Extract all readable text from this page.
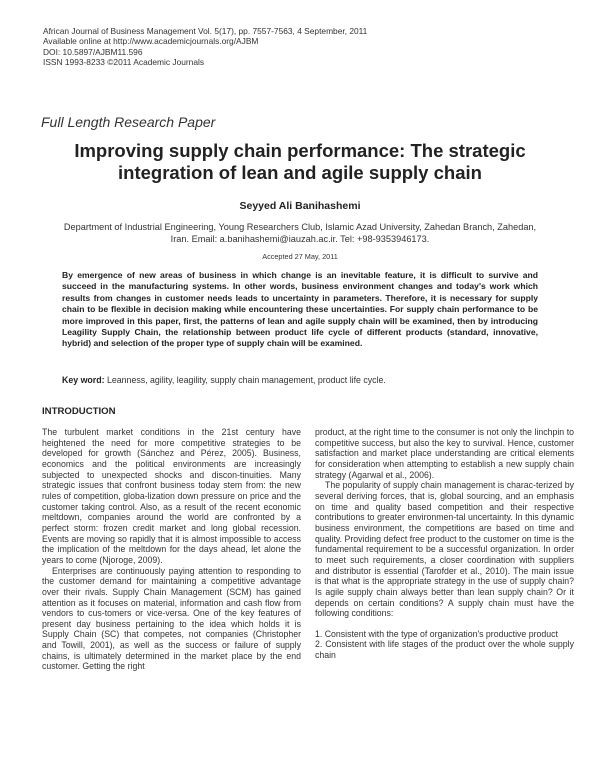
African Journal of Business Management Vol. 5(17), pp. 7557-7563, 4 September, 2011
Available online at http://www.academicjournals.org/AJBM
DOI: 10.5897/AJBM11.596
ISSN 1993-8233 ©2011 Academic Journals
Full Length Research Paper
Improving supply chain performance: The strategic
integration of lean and agile supply chain
Seyyed Ali Banihashemi
Department of Industrial Engineering, Young Researchers Club, Islamic Azad University, Zahedan Branch, Zahedan, Iran. Email: a.banihashemi@iauzah.ac.ir. Tel: +98-9353946173.
Accepted 27 May, 2011
By emergence of new areas of business in which change is an inevitable feature, it is difficult to survive and succeed in the manufacturing systems. In other words, business environment changes and today's work which results from changes in customer needs leads to uncertainty in parameters. Therefore, it is necessary for supply chain to be flexible in decision making while encountering these uncertainties. For supply chain performance to be more improved in this paper, first, the patterns of lean and agile supply chain will be examined, then by introducing Leagility Supply Chain, the relationship between product life cycle of different products (standard, innovative, hybrid) and selection of the proper type of supply chain will be examined.
Key word: Leanness, agility, leagility, supply chain management, product life cycle.
INTRODUCTION

The turbulent market conditions in the 21st century have heightened the need for more competitive strategies to be developed for growth (Sánchez and Pérez, 2005). Business, economics and the political environments are increasingly subjected to unexpected shocks and discon-tinuities. Many strategic issues that confront business today stem from: the new rules of competition, globa-lization down pressure on price and the customer taking control. Also, as a result of the recent economic meltdown, companies around the world are confronted by a perfect storm: frozen credit market and long global recession. Events are moving so rapidly that it is almost impossible to access the implication of the meltdown for the days ahead, let alone the years to come (Njoroge, 2009).

Enterprises are continuously paying attention to responding to the customer demand for maintaining a competitive advantage over their rivals. Supply Chain Management (SCM) has gained attention as it focuses on material, information and cash flow from vendors to cus-tomers or vice-versa. One of the key features of present day business pertaining to the idea which holds it is Supply Chain (SC) that competes, not companies (Christopher and Towill, 2001), as well as the success or failure of supply chains, is ultimately determined in the market place by the end customer. Getting the right

product, at the right time to the consumer is not only the linchpin to competitive success, but also the key to survival. Hence, customer satisfaction and market place understanding are critical elements for consideration when attempting to establish a new supply chain strategy (Agarwal et al., 2006).

The popularity of supply chain management is charac-terized by several deriving forces, that is, global sourcing, and an emphasis on time and quality based competition and their respective contributions to greater environmen-tal uncertainty. In this dynamic business environment, the competitions are based on time and quality. Providing defect free product to the customer on time is the fundamental requirement to be a successful organization. In order to meet such requirements, a closer coordination with suppliers and distributor is essential (Tarofder et al., 2010). The main issue is that what is the appropriate strategy in the use of supply chain? Is agile supply chain always better than lean supply chain? Or it depends on certain conditions? A supply chain must have the following conditions:

1. Consistent with the type of organization's productive product

2. Consistent with life stages of the product over the whole supply chain
